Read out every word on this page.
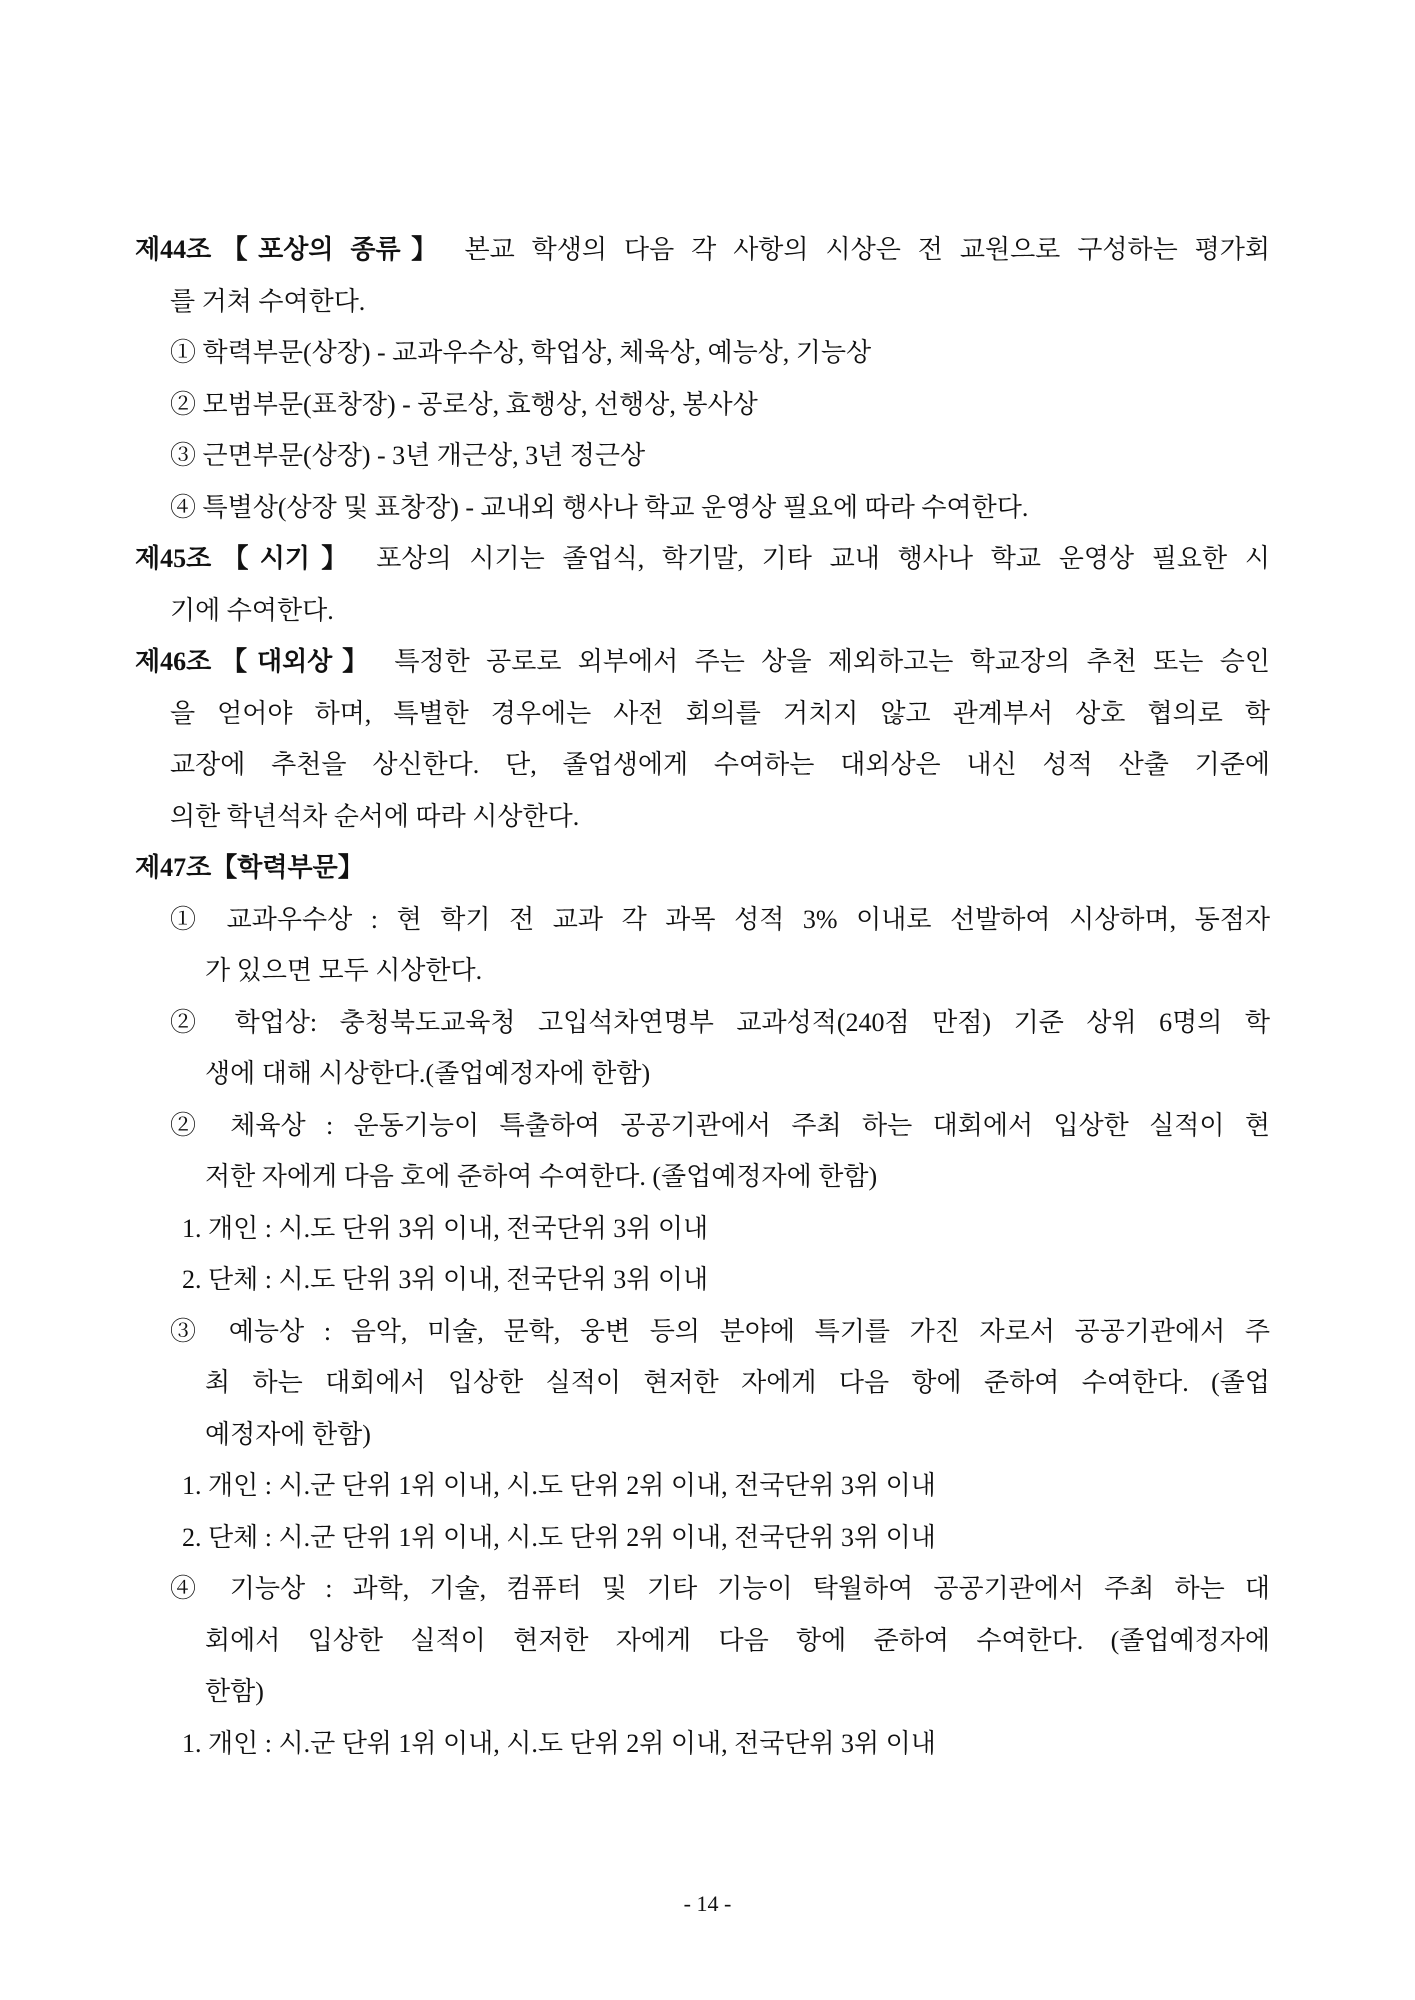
제44조【포상의 종류】 본교 학생의 다음 각 사항의 시상은 전 교원으로 구성하는 평가회
를 거쳐 수여한다.
① 학력부문(상장) - 교과우수상, 학업상, 체육상, 예능상, 기능상
② 모범부문(표창장) - 공로상, 효행상, 선행상, 봉사상
③ 근면부문(상장) - 3년 개근상, 3년 정근상
④ 특별상(상장 및 표창장) - 교내외 행사나 학교 운영상 필요에 따라 수여한다.
제45조【시기】 포상의 시기는 졸업식, 학기말, 기타 교내 행사나 학교 운영상 필요한 시
기에 수여한다.
제46조【대외상】 특정한 공로로 외부에서 주는 상을 제외하고는 학교장의 추천 또는 승인
을 얻어야 하며, 특별한 경우에는 사전 회의를 거치지 않고 관계부서 상호 협의로 학
교장에 추천을 상신한다. 단, 졸업생에게 수여하는 대외상은 내신 성적 산출 기준에
의한 학년석차 순서에 따라 시상한다.
제47조【학력부문】
① 교과우수상 : 현 학기 전 교과 각 과목 성적 3% 이내로 선발하여 시상하며, 동점자
가 있으면 모두 시상한다.
② 학업상: 충청북도교육청 고입석차연명부 교과성적(240점 만점) 기준 상위 6명의 학
생에 대해 시상한다.(졸업예정자에 한함)
② 체육상 : 운동기능이 특출하여 공공기관에서 주최 하는 대회에서 입상한 실적이 현
저한 자에게 다음 호에 준하여 수여한다. (졸업예정자에 한함)
1. 개인 : 시.도 단위 3위 이내, 전국단위 3위 이내
2. 단체 : 시.도 단위 3위 이내, 전국단위 3위 이내
③ 예능상 : 음악, 미술, 문학, 웅변 등의 분야에 특기를 가진 자로서 공공기관에서 주
최 하는 대회에서 입상한 실적이 현저한 자에게 다음 항에 준하여 수여한다. (졸업
예정자에 한함)
1. 개인 : 시.군 단위 1위 이내, 시.도 단위 2위 이내, 전국단위 3위 이내
2. 단체 : 시.군 단위 1위 이내, 시.도 단위 2위 이내, 전국단위 3위 이내
④ 기능상 : 과학, 기술, 컴퓨터 및 기타 기능이 탁월하여 공공기관에서 주최 하는 대
회에서 입상한 실적이 현저한 자에게 다음 항에 준하여 수여한다. (졸업예정자에
한함)
1. 개인 : 시.군 단위 1위 이내, 시.도 단위 2위 이내, 전국단위 3위 이내
- 14 -
